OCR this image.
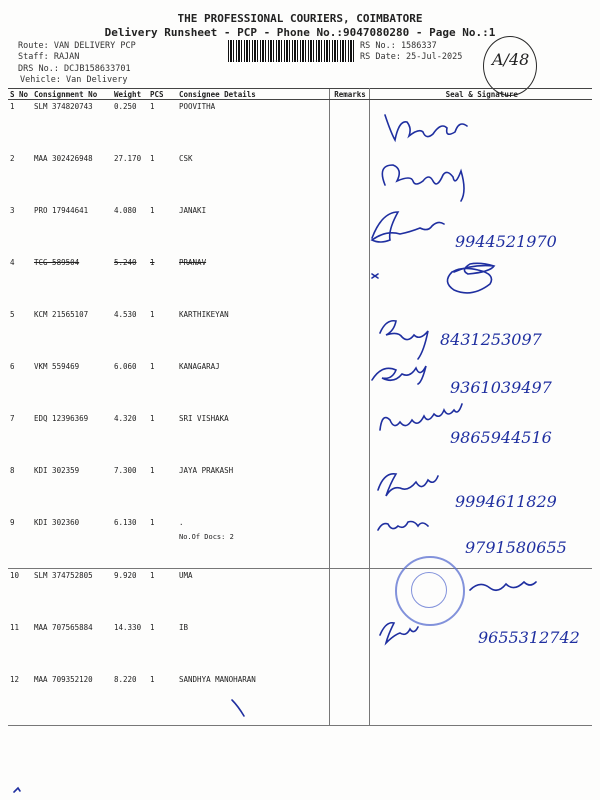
THE PROFESSIONAL COURIERS, COIMBATORE
Delivery Runsheet - PCP - Phone No.:9047080280 - Page No.:1
Route: VAN DELIVERY PCP
Staff: RAJAN
DRS No.: DCJB158633701
Vehicle: Van Delivery
RS No.: 1586337
RS Date: 25-Jul-2025 A/48
S No	Consignment No	Weight	PCS	Consignee Details	Remarks	Seal & Signature
1	SLM 374820743	0.250	1	POOVITHA		
2	MAA 302426948	27.170	1	CSK		
3	PRO 17944641	4.080	1	JANAKI		
4	TCG 589504	5.240	1	PRANAV		
5	KCM 21565107	4.530	1	KARTHIKEYAN		
6	VKM 559469	6.060	1	KANAGARAJ		
7	EDQ 12396369	4.320	1	SRI VISHAKA		
8	KDI 302359	7.300	1	JAYA PRAKASH		
9	KDI 302360	6.130	1	.
No.Of Docs: 2		

10	SLM 374752805	9.920	1	UMA		
11	MAA 707565884	14.330	1	IB		
12	MAA 709352120	8.220	1	SANDHYA MANOHARAN		
9944521970
8431253097
9361039497
9865944516
9994611829
9791580655
9655312742
